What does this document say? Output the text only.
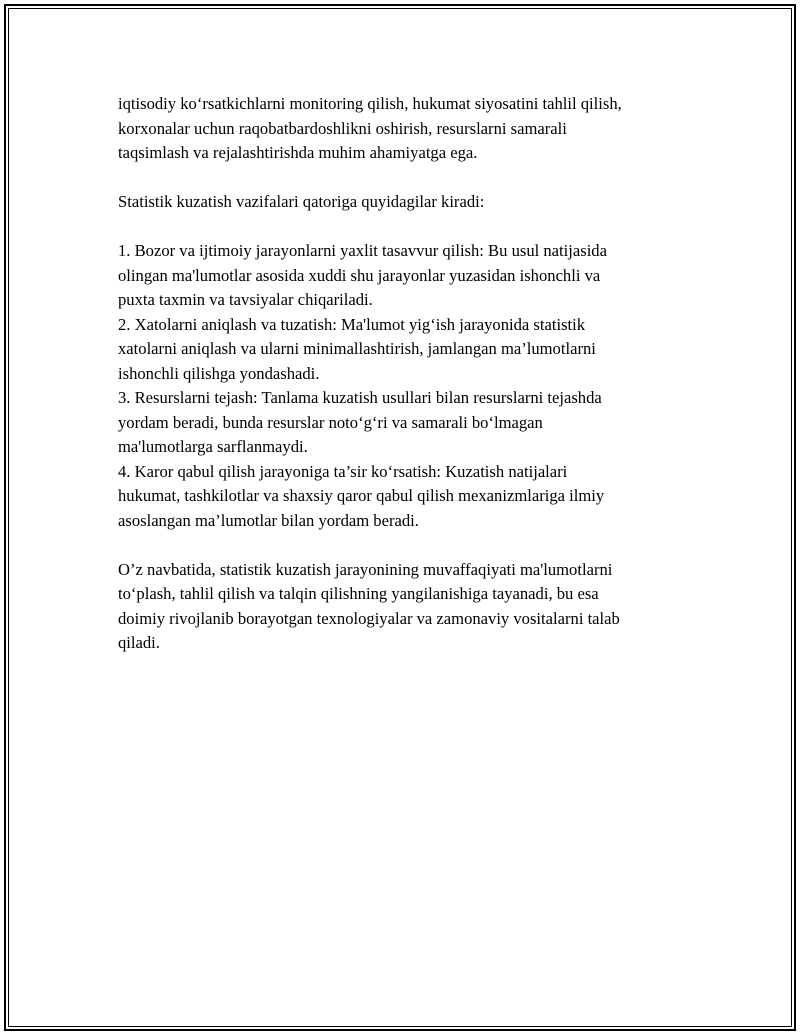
iqtisodiy ko‘rsatkichlarni monitoring qilish, hukumat siyosatini tahlil qilish,

korxonalar uchun raqobatbardoshlikni oshirish, resurslarni samarali

taqsimlash va rejalashtirishda muhim ahamiyatga ega.

Statistik kuzatish vazifalari qatoriga quyidagilar kiradi:

1. Bozor va ijtimoiy jarayonlarni yaxlit tasavvur qilish: Bu usul natijasida

olingan ma'lumotlar asosida xuddi shu jarayonlar yuzasidan ishonchli va

puxta taxmin va tavsiyalar chiqariladi.

2. Xatolarni aniqlash va tuzatish: Ma'lumot yig‘ish jarayonida statistik

xatolarni aniqlash va ularni minimallashtirish, jamlangan ma’lumotlarni

ishonchli qilishga yondashadi.

3. Resurslarni tejash: Tanlama kuzatish usullari bilan resurslarni tejashda

yordam beradi, bunda resurslar noto‘g‘ri va samarali bo‘lmagan

ma'lumotlarga sarflanmaydi.

4. Karor qabul qilish jarayoniga ta’sir ko‘rsatish: Kuzatish natijalari

hukumat, tashkilotlar va shaxsiy qaror qabul qilish mexanizmlariga ilmiy

asoslangan ma’lumotlar bilan yordam beradi.

O’z navbatida, statistik kuzatish jarayonining muvaffaqiyati ma'lumotlarni

to‘plash, tahlil qilish va talqin qilishning yangilanishiga tayanadi, bu esa

doimiy rivojlanib borayotgan texnologiyalar va zamonaviy vositalarni talab

qiladi.
